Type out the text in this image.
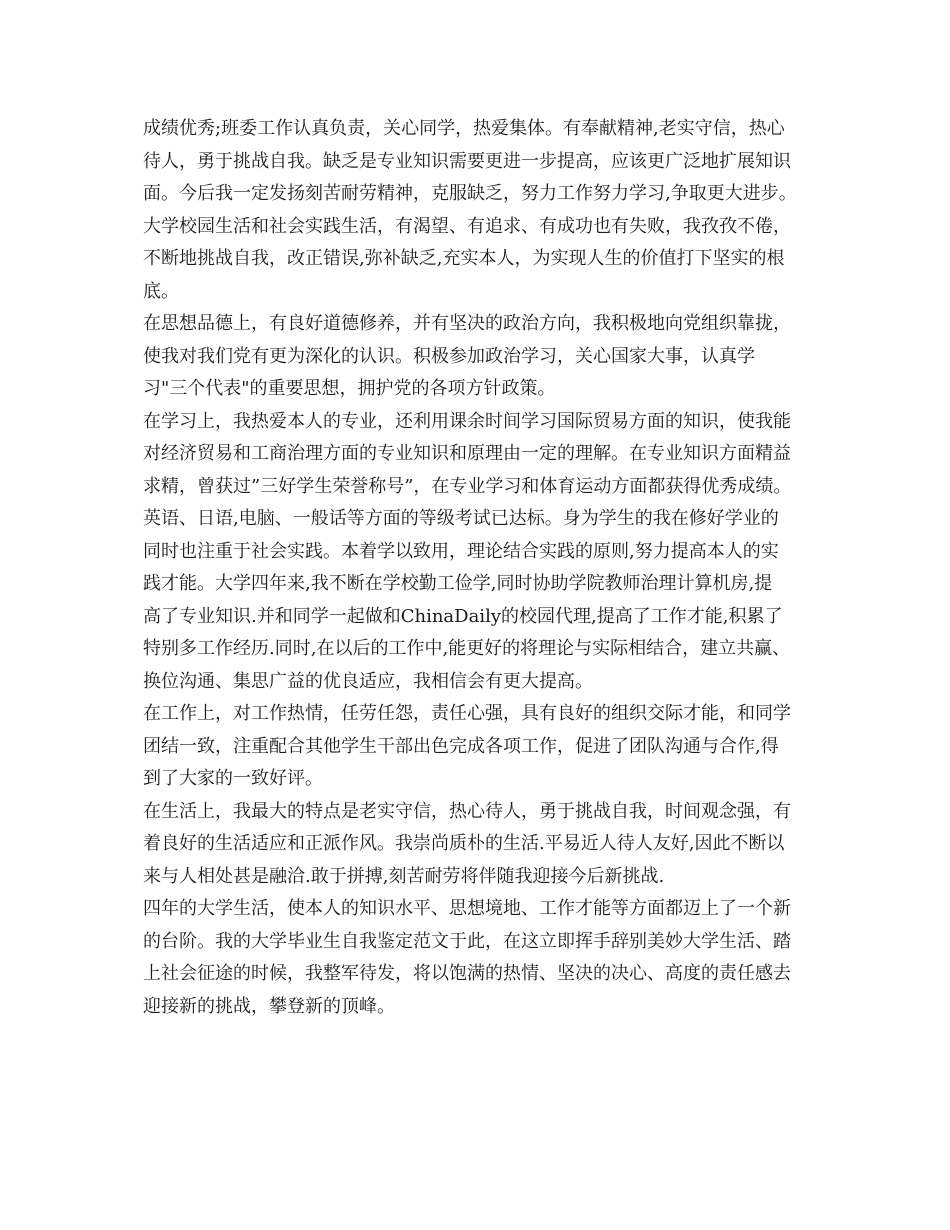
成绩优秀;班委工作认真负责，关心同学，热爱集体。有奉献精神,老实守信，热心
待人，勇于挑战自我。缺乏是专业知识需要更进一步提高，应该更广泛地扩展知识
面。今后我一定发扬刻苦耐劳精神，克服缺乏，努力工作努力学习,争取更大进步。
大学校园生活和社会实践生活，有渴望、有追求、有成功也有失败，我孜孜不倦，
不断地挑战自我，改正错误,弥补缺乏,充实本人，为实现人生的价值打下坚实的根
底。
在思想品德上，有良好道德修养，并有坚决的政治方向，我积极地向党组织靠拢，
使我对我们党有更为深化的认识。积极参加政治学习，关心国家大事，认真学
习"三个代表"的重要思想，拥护党的各项方针政策。
在学习上，我热爱本人的专业，还利用课余时间学习国际贸易方面的知识，使我能
对经济贸易和工商治理方面的专业知识和原理由一定的理解。在专业知识方面精益
求精，曾获过”三好学生荣誉称号”，在专业学习和体育运动方面都获得优秀成绩。
英语、日语,电脑、一般话等方面的等级考试已达标。身为学生的我在修好学业的
同时也注重于社会实践。本着学以致用，理论结合实践的原则,努力提高本人的实
践才能。大学四年来,我不断在学校勤工俭学,同时协助学院教师治理计算机房,提
高了专业知识.并和同学一起做和ChinaDaily的校园代理,提高了工作才能,积累了
特别多工作经历.同时,在以后的工作中,能更好的将理论与实际相结合，建立共赢、
换位沟通、集思广益的优良适应，我相信会有更大提高。
在工作上，对工作热情，任劳任怨，责任心强，具有良好的组织交际才能，和同学
团结一致，注重配合其他学生干部出色完成各项工作，促进了团队沟通与合作,得
到了大家的一致好评。
在生活上，我最大的特点是老实守信，热心待人，勇于挑战自我，时间观念强，有
着良好的生活适应和正派作风。我崇尚质朴的生活.平易近人待人友好,因此不断以
来与人相处甚是融洽.敢于拼搏,刻苦耐劳将伴随我迎接今后新挑战.
四年的大学生活，使本人的知识水平、思想境地、工作才能等方面都迈上了一个新
的台阶。我的大学毕业生自我鉴定范文于此，在这立即挥手辞别美妙大学生活、踏
上社会征途的时候，我整军待发，将以饱满的热情、坚决的决心、高度的责任感去
迎接新的挑战，攀登新的顶峰。
